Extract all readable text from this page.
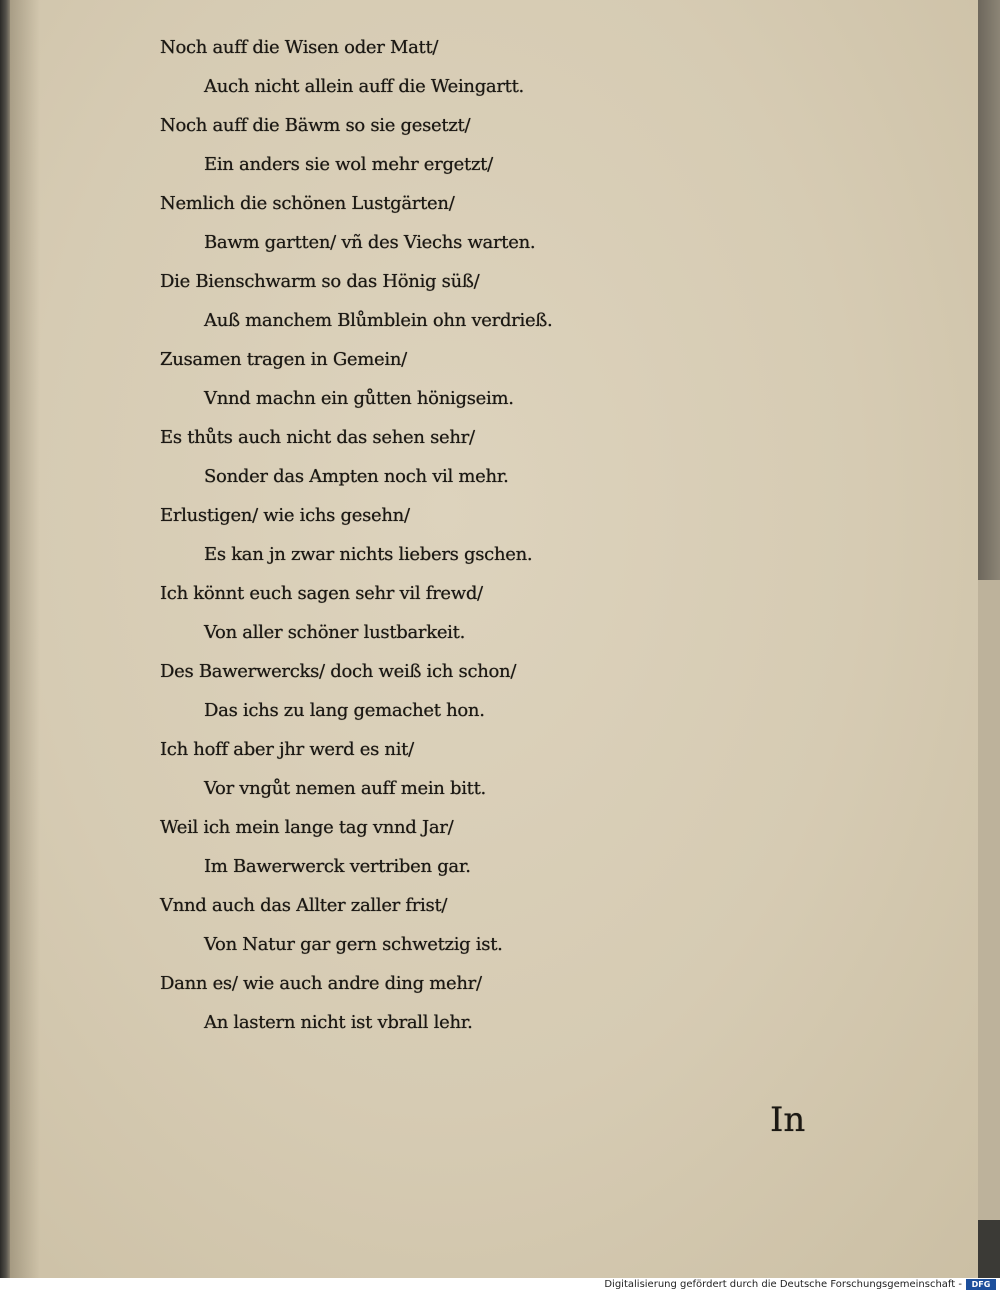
Noch auff die Wisen oder Matt/
Auch nicht allein auff die Weingartt.
Noch auff die Bäwm so sie gesetzt/
Ein anders sie wol mehr ergetzt/
Nemlich die schönen Lustgärten/
Bawm gartten/ vñ des Viechs warten.
Die Bienschwarm so das Hönig süß/
Auß manchem Blůmblein ohn verdrieß.
Zusamen tragen in Gemein/
Vnnd machn ein gůtten hönigseim.
Es thůts auch nicht das sehen sehr/
Sonder das Ampten noch vil mehr.
Erlustigen/ wie ichs gesehn/
Es kan jn zwar nichts liebers gschen.
Ich könnt euch sagen sehr vil frewd/
Von aller schöner lustbarkeit.
Des Bawerwercks/ doch weiß ich schon/
Das ichs zu lang gemachet hon.
Ich hoff aber jhr werd es nit/
Vor vngůt nemen auff mein bitt.
Weil ich mein lange tag vnnd Jar/
Im Bawerwerck vertriben gar.
Vnnd auch das Allter zaller frist/
Von Natur gar gern schwetzig ist.
Dann es/ wie auch andre ding mehr/
An lastern nicht ist vbrall lehr.
In
Digitalisierung gefördert durch die Deutsche Forschungsgemeinschaft -	DFG
